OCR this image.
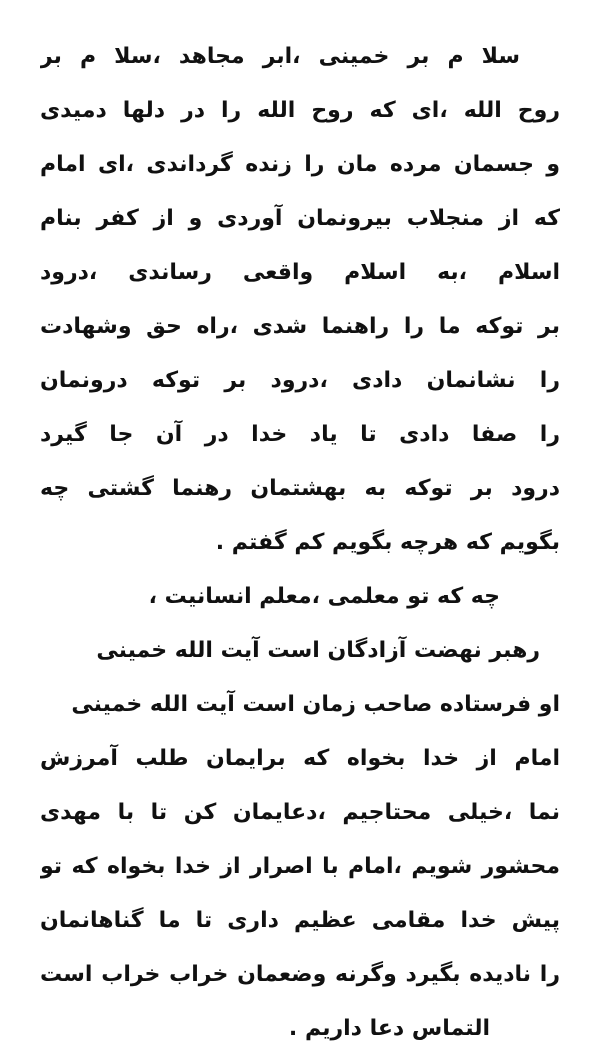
سلا م بر خمینی ،ابر مجاهد ،سلا م بر
روح الله ،ای که روح الله را در دلها دمیدی
و جسمان مرده مان را زنده گرداندی ،ای امام
که از منجلاب بیرونمان آوردی و از کفر بنام
اسلام ،به اسلام واقعی رساندی ،درود
بر توکه ما را راهنما شدی ،راه حق وشهادت
را نشانمان دادی ،درود بر توکه درونمان
را صفا دادی تا یاد خدا در آن جا گیرد
درود بر توکه به بهشتمان رهنما گشتی چه
بگویم که هرچه بگویم کم گفتم .
چه که تو معلمی ،معلم انسانیت ،
رهبر نهضت آزادگان است آیت الله خمینی
او فرستاده صاحب زمان است آیت الله خمینی
امام از خدا بخواه که برایمان طلب آمرزش
نما ،خیلی محتاجیم ،دعایمان کن تا با مهدی
محشور شویم ،امام با اصرار از خدا بخواه که تو
پیش خدا مقامی عظیم داری تا ما گناهانمان
را نادیده بگیرد وگرنه وضعمان خراب خراب است
التماس دعا داریم .
